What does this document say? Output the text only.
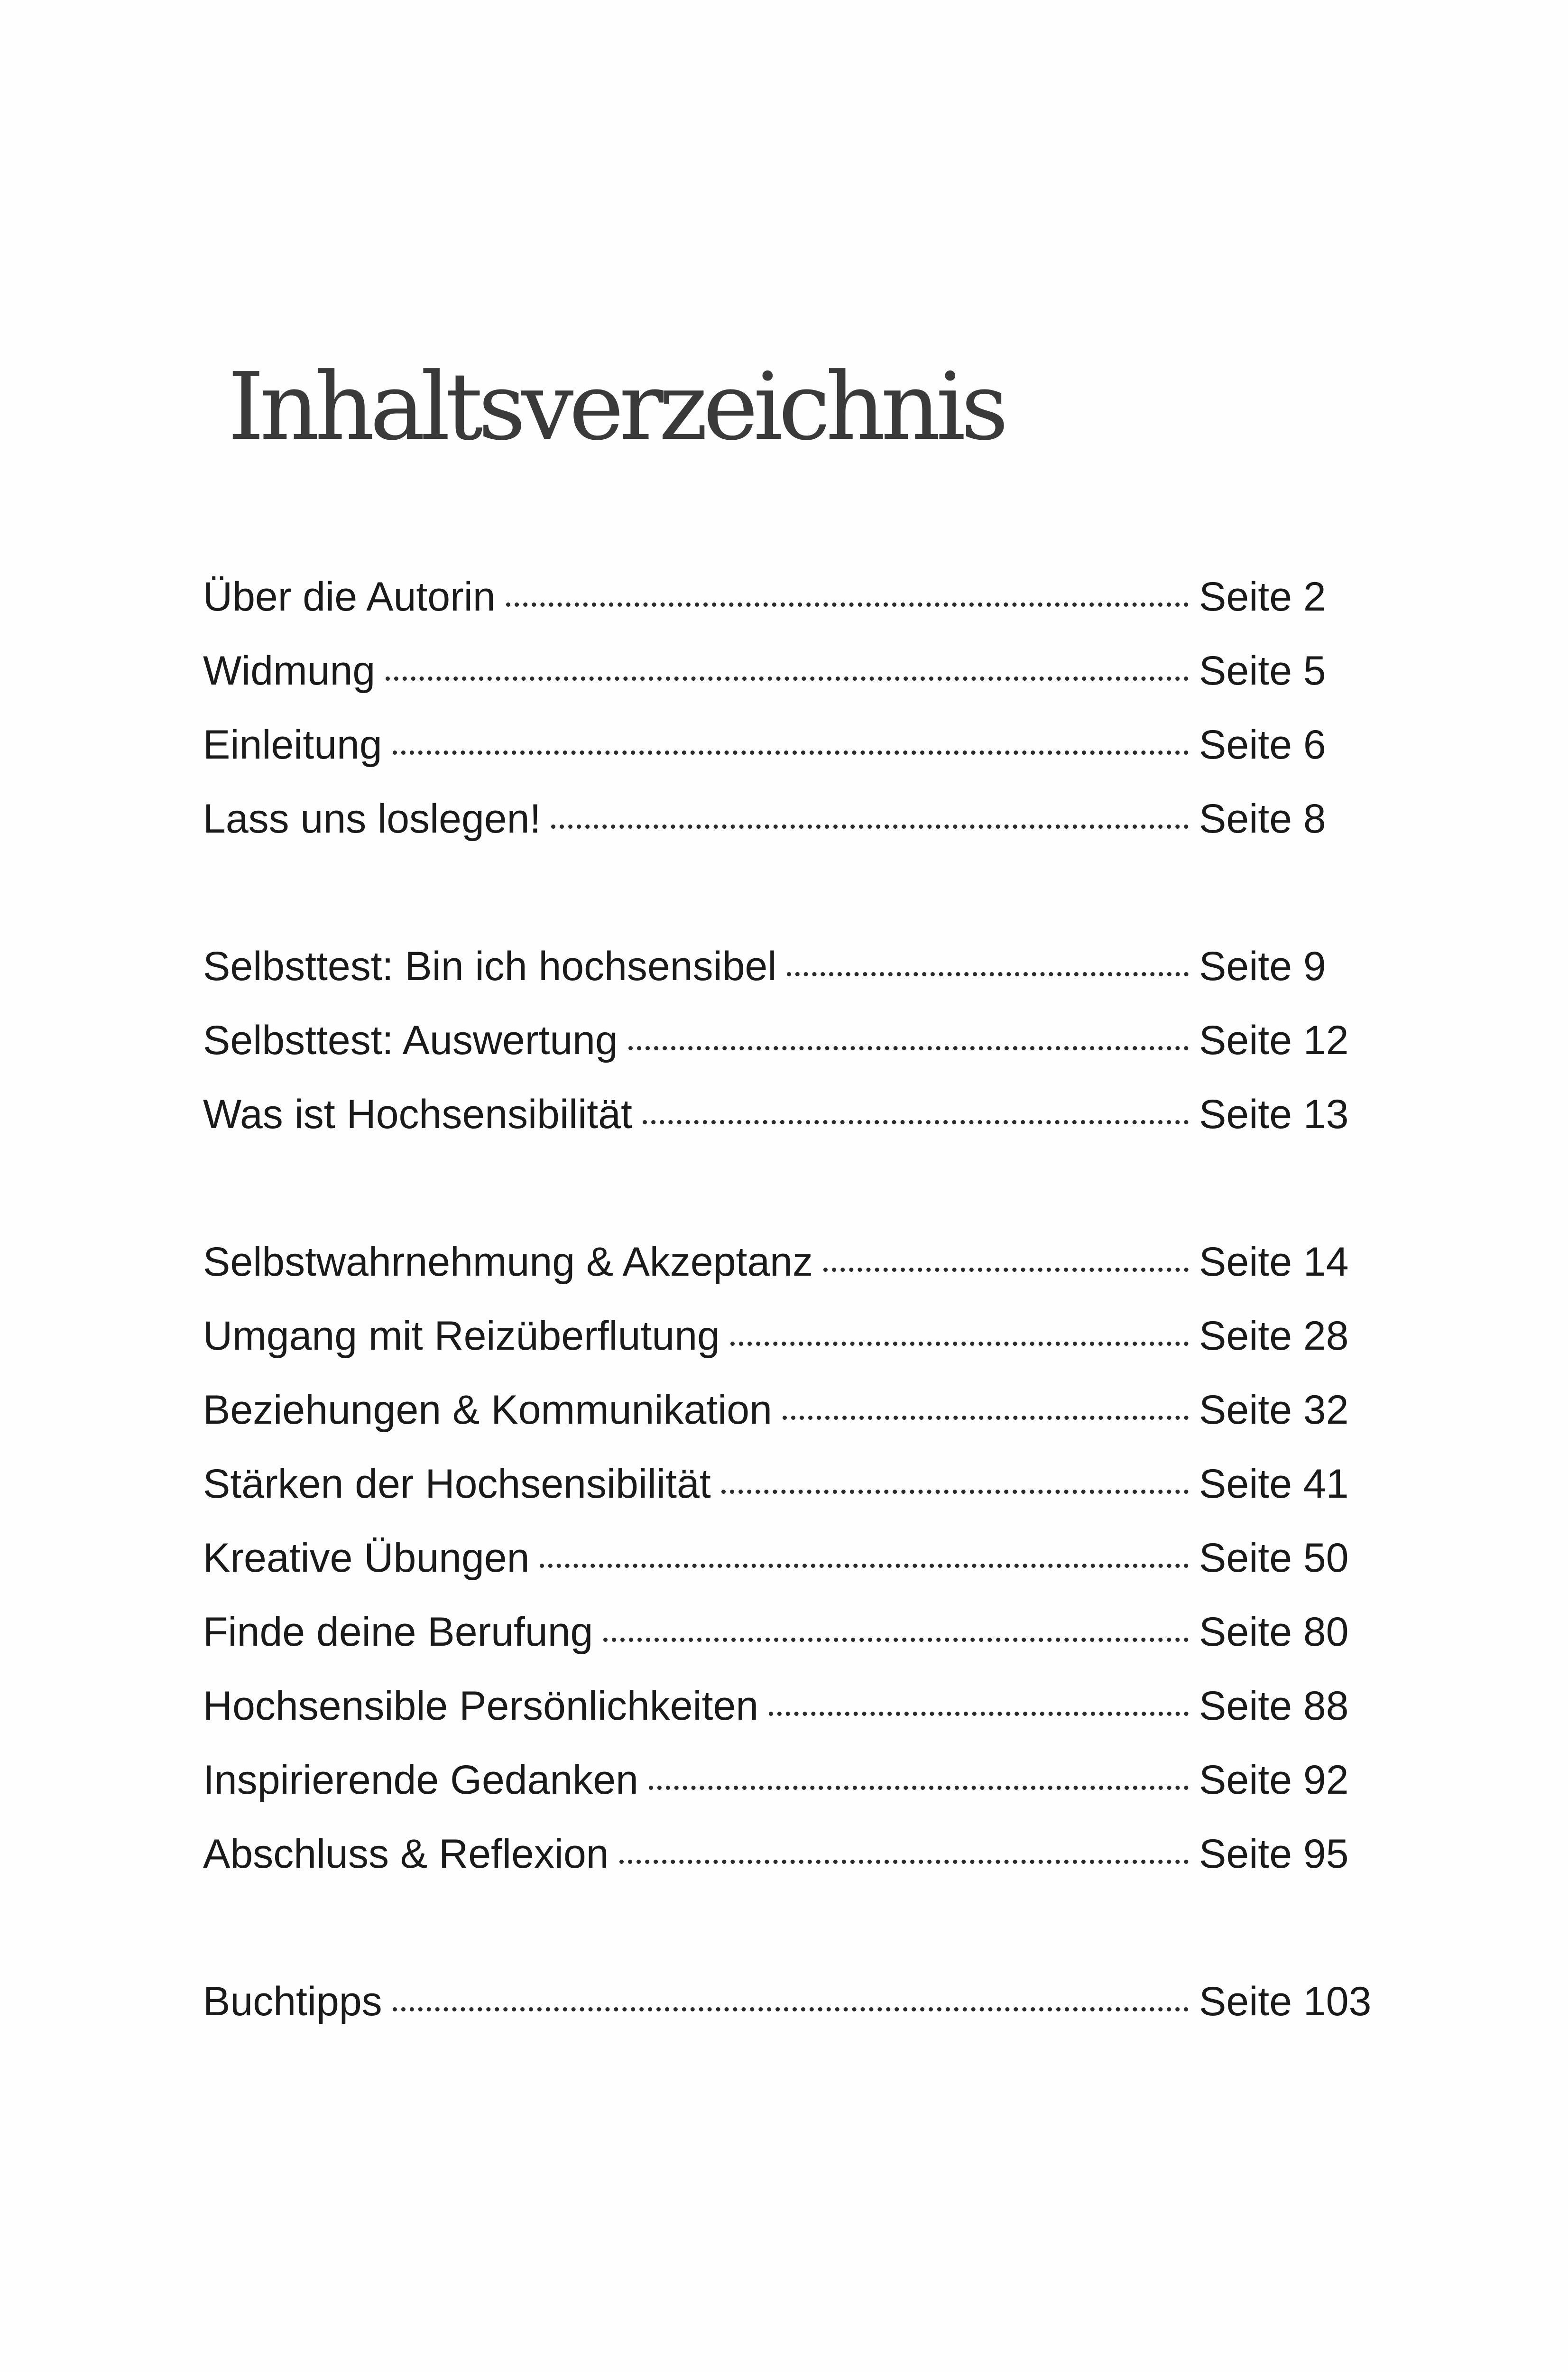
Inhaltsverzeichnis
Über die Autorin	Seite 2
Widmung	Seite 5
Einleitung	Seite 6
Lass uns loslegen!	Seite 8
Selbsttest: Bin ich hochsensibel	Seite 9
Selbsttest: Auswertung	Seite 12
Was ist Hochsensibilität	Seite 13
Selbstwahrnehmung & Akzeptanz	Seite 14
Umgang mit Reizüberflutung	Seite 28
Beziehungen & Kommunikation	Seite 32
Stärken der Hochsensibilität	Seite 41
Kreative Übungen	Seite 50
Finde deine Berufung	Seite 80
Hochsensible Persönlichkeiten	Seite 88
Inspirierende Gedanken	Seite 92
Abschluss & Reflexion	Seite 95
Buchtipps	Seite 103
